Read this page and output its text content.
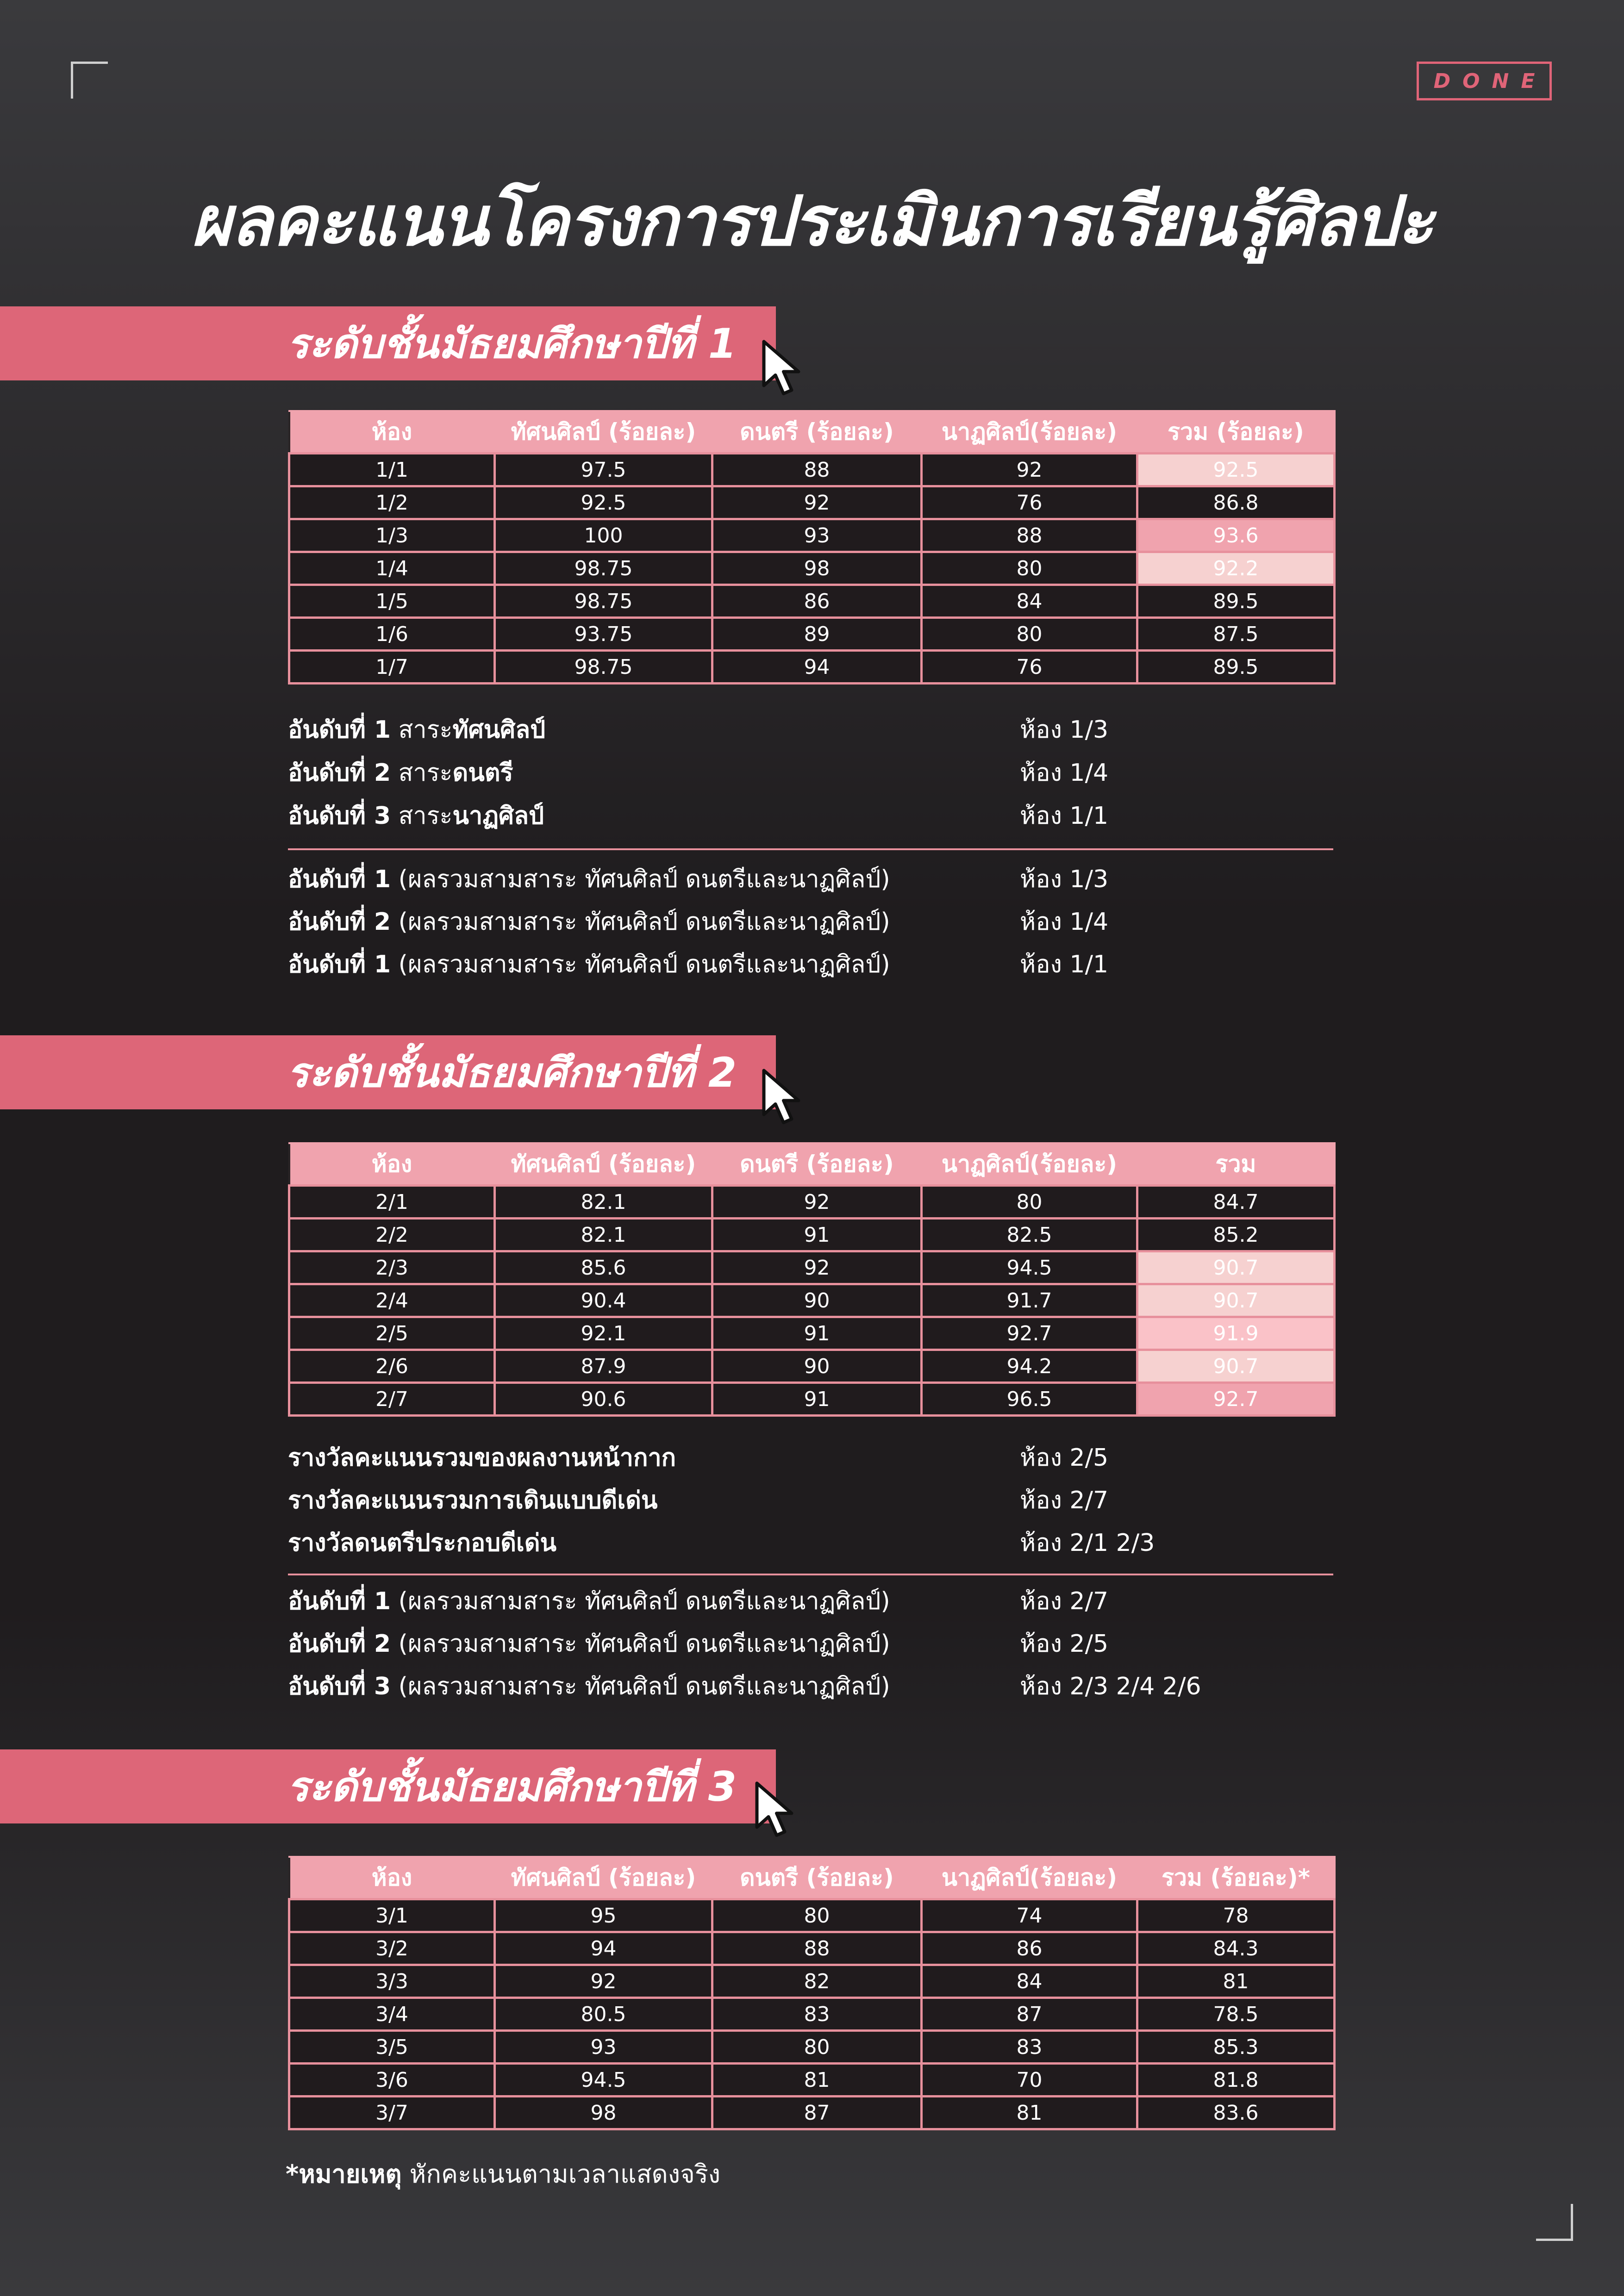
DONE
ผลคะแนนโครงการประเมินการเรียนรู้ศิลปะ
ระดับชั้นมัธยมศึกษาปีที่ 1
ห้อง	ทัศนศิลป์ (ร้อยละ)	ดนตรี (ร้อยละ)	นาฏศิลป์(ร้อยละ)	รวม (ร้อยละ)
1/1	97.5	88	92	92.5
1/2	92.5	92	76	86.8
1/3	100	93	88	93.6
1/4	98.75	98	80	92.2
1/5	98.75	86	84	89.5
1/6	93.75	89	80	87.5
1/7	98.75	94	76	89.5
อันดับที่ 1 สาระทัศนศิลป์	ห้อง 1/3
อันดับที่ 2 สาระดนตรี	ห้อง 1/4
อันดับที่ 3 สาระนาฏศิลป์	ห้อง 1/1
อันดับที่ 1 (ผลรวมสามสาระ ทัศนศิลป์ ดนตรีและนาฏศิลป์)	ห้อง 1/3
อันดับที่ 2 (ผลรวมสามสาระ ทัศนศิลป์ ดนตรีและนาฏศิลป์)	ห้อง 1/4
อันดับที่ 1 (ผลรวมสามสาระ ทัศนศิลป์ ดนตรีและนาฏศิลป์)	ห้อง 1/1
ระดับชั้นมัธยมศึกษาปีที่ 2
ห้อง	ทัศนศิลป์ (ร้อยละ)	ดนตรี (ร้อยละ)	นาฏศิลป์(ร้อยละ)	รวม
2/1	82.1	92	80	84.7
2/2	82.1	91	82.5	85.2
2/3	85.6	92	94.5	90.7
2/4	90.4	90	91.7	90.7
2/5	92.1	91	92.7	91.9
2/6	87.9	90	94.2	90.7
2/7	90.6	91	96.5	92.7
รางวัลคะแนนรวมของผลงานหน้ากาก	ห้อง 2/5
รางวัลคะแนนรวมการเดินแบบดีเด่น	ห้อง 2/7
รางวัลดนตรีประกอบดีเด่น	ห้อง 2/1 2/3
อันดับที่ 1 (ผลรวมสามสาระ ทัศนศิลป์ ดนตรีและนาฏศิลป์)	ห้อง 2/7
อันดับที่ 2 (ผลรวมสามสาระ ทัศนศิลป์ ดนตรีและนาฏศิลป์)	ห้อง 2/5
อันดับที่ 3 (ผลรวมสามสาระ ทัศนศิลป์ ดนตรีและนาฏศิลป์)	ห้อง 2/3 2/4 2/6
ระดับชั้นมัธยมศึกษาปีที่ 3
ห้อง	ทัศนศิลป์ (ร้อยละ)	ดนตรี (ร้อยละ)	นาฏศิลป์(ร้อยละ)	รวม (ร้อยละ)*
3/1	95	80	74	78
3/2	94	88	86	84.3
3/3	92	82	84	81
3/4	80.5	83	87	78.5
3/5	93	80	83	85.3
3/6	94.5	81	70	81.8
3/7	98	87	81	83.6
*หมายเหตุ หักคะแนนตามเวลาแสดงจริง
